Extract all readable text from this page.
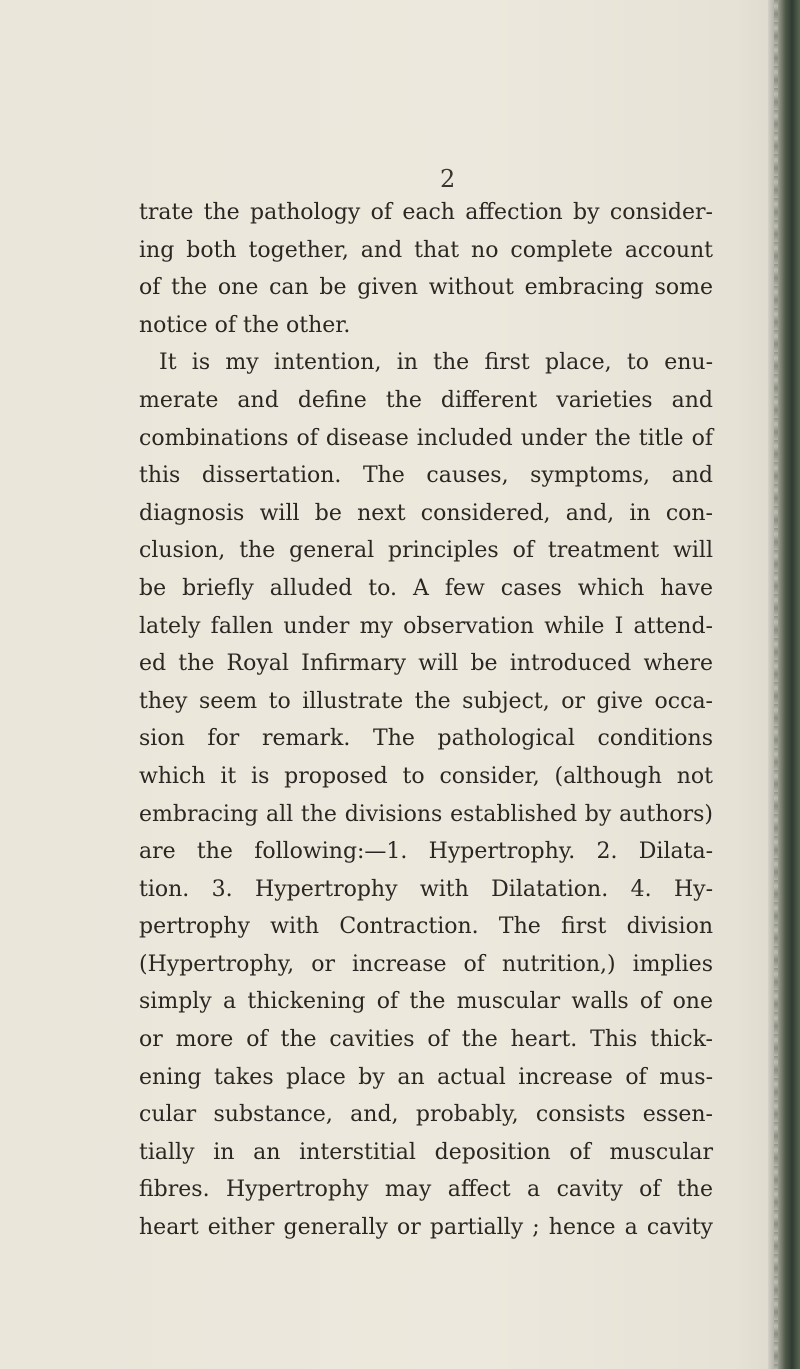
2
trate the pathology of each affection by consider-
ing both together, and that no complete account
of the one can be given without embracing some
notice of the other.
It is my intention, in the first place, to enu-
merate and define the different varieties and
combinations of disease included under the title of
this dissertation. The causes, symptoms, and
diagnosis will be next considered, and, in con-
clusion, the general principles of treatment will
be briefly alluded to. A few cases which have
lately fallen under my observation while I attend-
ed the Royal Infirmary will be introduced where
they seem to illustrate the subject, or give occa-
sion for remark. The pathological conditions
which it is proposed to consider, (although not
embracing all the divisions established by authors)
are the following:—1. Hypertrophy. 2. Dilata-
tion. 3. Hypertrophy with Dilatation. 4. Hy-
pertrophy with Contraction. The first division
(Hypertrophy, or increase of nutrition,) implies
simply a thickening of the muscular walls of one
or more of the cavities of the heart. This thick-
ening takes place by an actual increase of mus-
cular substance, and, probably, consists essen-
tially in an interstitial deposition of muscular
fibres. Hypertrophy may affect a cavity of the
heart either generally or partially ; hence a cavity
